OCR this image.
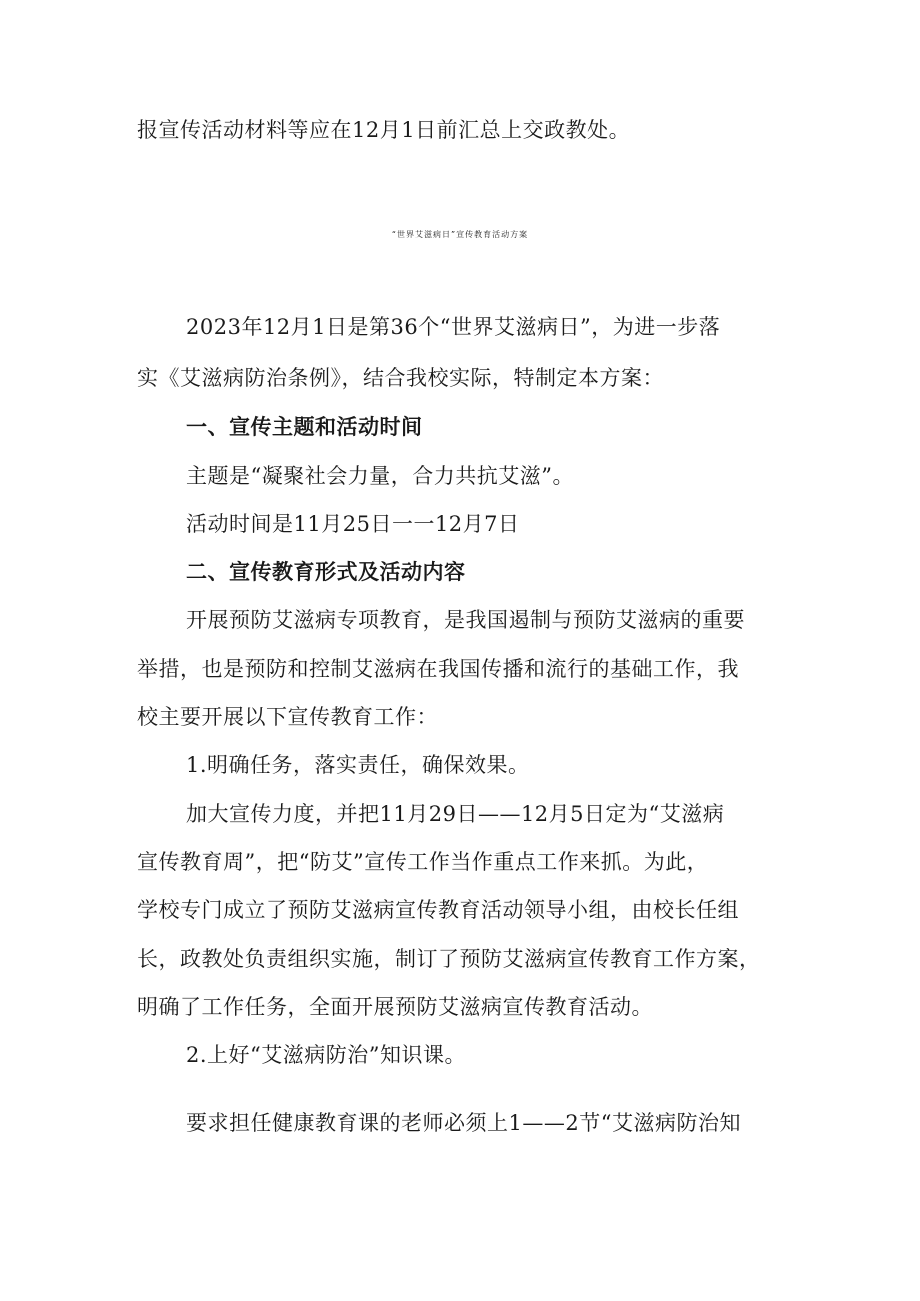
报宣传活动材料等应在12月1日前汇总上交政教处。

“世界艾滋病日”宣传教育活动方案

2023年12月1日是第36个“世界艾滋病日”，为进一步落

实《艾滋病防治条例》，结合我校实际，特制定本方案：

一、宣传主题和活动时间

主题是“凝聚社会力量，合力共抗艾滋”。

活动时间是11月25日一一12月7日

二、宣传教育形式及活动内容

开展预防艾滋病专项教育，是我国遏制与预防艾滋病的重要

举措，也是预防和控制艾滋病在我国传播和流行的基础工作，我

校主要开展以下宣传教育工作：

1.明确任务，落实责任，确保效果。

加大宣传力度，并把11月29日——12月5日定为“艾滋病

宣传教育周”，把“防艾”宣传工作当作重点工作来抓。为此，

学校专门成立了预防艾滋病宣传教育活动领导小组，由校长任组

长，政教处负责组织实施，制订了预防艾滋病宣传教育工作方案，

明确了工作任务，全面开展预防艾滋病宣传教育活动。

2.上好“艾滋病防治”知识课。

要求担任健康教育课的老师必须上1——2节“艾滋病防治知
